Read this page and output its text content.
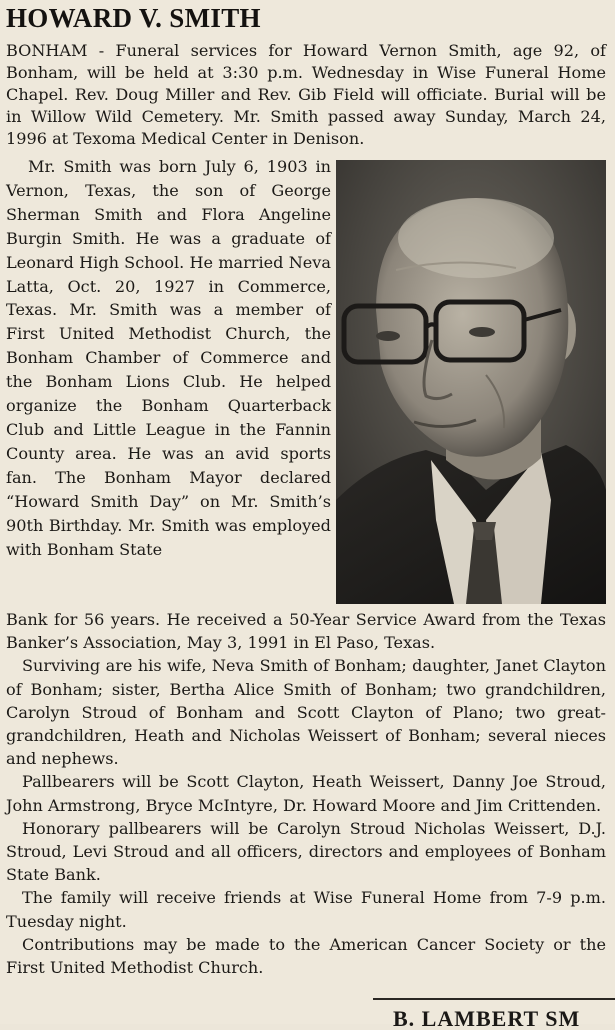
HOWARD V. SMITH
BONHAM - Funeral services for Howard Vernon Smith, age 92, of Bonham, will be held at 3:30 p.m. Wednesday in Wise Funeral Home Chapel. Rev. Doug Miller and Rev. Gib Field will officiate. Burial will be in Willow Wild Cemetery. Mr. Smith passed away Sunday, March 24, 1996 at Texoma Medical Center in Denison.

Mr. Smith was born July 6, 1903 in Vernon, Texas, the son of George Sherman Smith and Flora Angeline Burgin Smith. He was a graduate of Leonard High School. He married Neva Latta, Oct. 20, 1927 in Commerce, Texas. Mr. Smith was a member of First United Methodist Church, the Bonham Chamber of Commerce and the Bonham Lions Club. He helped organize the Bonham Quarterback Club and Little League in the Fannin County area. He was an avid sports fan. The Bonham Mayor declared “Howard Smith Day” on Mr. Smith’s 90th Birthday. Mr. Smith was employed with Bonham State

Bank for 56 years. He received a 50-Year Service Award from the Texas Banker’s Association, May 3, 1991 in El Paso, Texas.

Surviving are his wife, Neva Smith of Bonham; daughter, Janet Clayton of Bonham; sister, Bertha Alice Smith of Bonham; two grandchildren, Carolyn Stroud of Bonham and Scott Clayton of Plano; two great-grandchildren, Heath and Nicholas Weissert of Bonham; several nieces and nephews.

Pallbearers will be Scott Clayton, Heath Weissert, Danny Joe Stroud, John Armstrong, Bryce McIntyre, Dr. Howard Moore and Jim Crittenden.

Honorary pallbearers will be Carolyn Stroud Nicholas Weissert, D.J. Stroud, Levi Stroud and all officers, directors and employees of Bonham State Bank.

The family will receive friends at Wise Funeral Home from 7-9 p.m. Tuesday night.

Contributions may be made to the American Cancer Society or the First United Methodist Church.

B. LAMBERT SM
